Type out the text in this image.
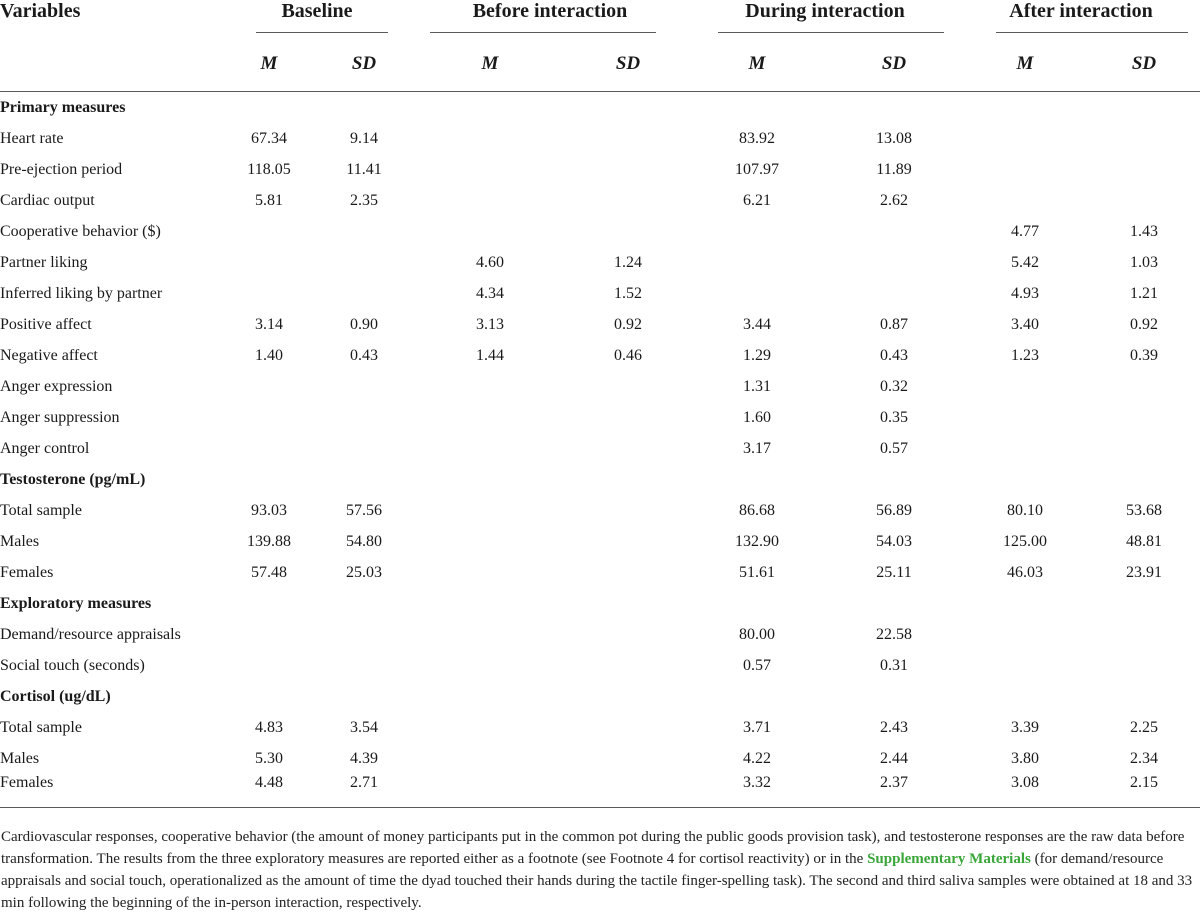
Variables	Baseline		Before interaction		During interaction		After interaction	

	M	SD	M	SD	M	SD	M	SD
Primary measures								
Heart rate	67.34	9.14			83.92	13.08		
Pre-ejection period	118.05	11.41			107.97	11.89		
Cardiac output	5.81	2.35			6.21	2.62		
Cooperative behavior ($)							4.77	1.43
Partner liking			4.60	1.24			5.42	1.03
Inferred liking by partner			4.34	1.52			4.93	1.21
Positive affect	3.14	0.90	3.13	0.92	3.44	0.87	3.40	0.92
Negative affect	1.40	0.43	1.44	0.46	1.29	0.43	1.23	0.39
Anger expression					1.31	0.32		
Anger suppression					1.60	0.35		
Anger control					3.17	0.57		
Testosterone (pg/mL)								
Total sample	93.03	57.56			86.68	56.89	80.10	53.68
Males	139.88	54.80			132.90	54.03	125.00	48.81
Females	57.48	25.03			51.61	25.11	46.03	23.91
Exploratory measures								
Demand/resource appraisals					80.00	22.58		
Social touch (seconds)					0.57	0.31		
Cortisol (ug/dL)								
Total sample	4.83	3.54			3.71	2.43	3.39	2.25
Males	5.30	4.39			4.22	2.44	3.80	2.34
Females	4.48	2.71			3.32	2.37	3.08	2.15

Cardiovascular responses, cooperative behavior (the amount of money participants put in the common pot during the public goods provision task), and testosterone responses are the raw data before transformation. The results from the three exploratory measures are reported either as a footnote (see Footnote 4 for cortisol reactivity) or in the Supplementary Materials (for demand/resource appraisals and social touch, operationalized as the amount of time the dyad touched their hands during the tactile finger-spelling task). The second and third saliva samples were obtained at 18 and 33 min following the beginning of the in-person interaction, respectively.
